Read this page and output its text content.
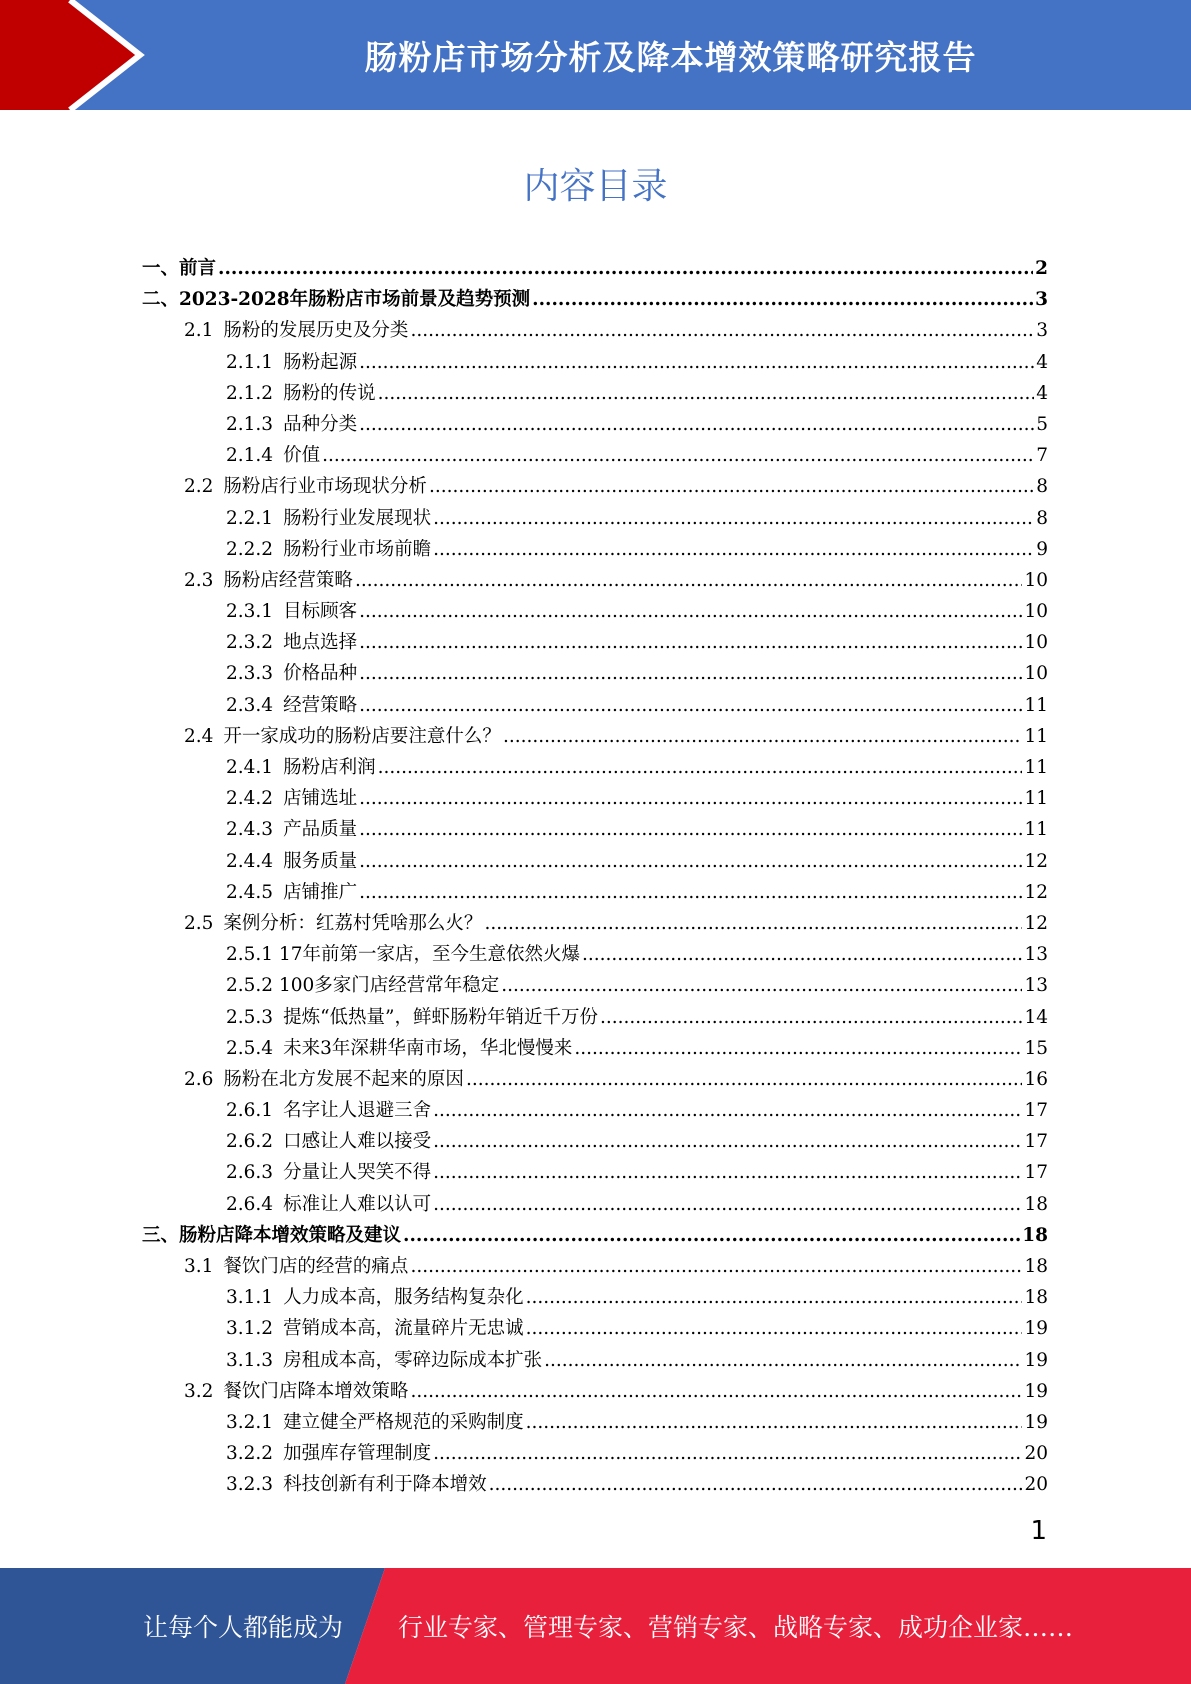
肠粉店市场分析及降本增效策略研究报告
内容目录
一、前言 .....	2
二、2023-2028年肠粉店市场前景及趋势预测 .....	3
2.1 肠粉的发展历史及分类 .....	3
2.1.1 肠粉起源 .....	4
2.1.2 肠粉的传说 .....	4
2.1.3 品种分类 .....	5
2.1.4 价值 .....	7
2.2 肠粉店行业市场现状分析 .....	8
2.2.1 肠粉行业发展现状 .....	8
2.2.2 肠粉行业市场前瞻 .....	9
2.3 肠粉店经营策略 .....	10
2.3.1 目标顾客 .....	10
2.3.2 地点选择 .....	10
2.3.3 价格品种 .....	10
2.3.4 经营策略 .....	11
2.4 开一家成功的肠粉店要注意什么？ .....	11
2.4.1 肠粉店利润 .....	11
2.4.2 店铺选址 .....	11
2.4.3 产品质量 .....	11
2.4.4 服务质量 .....	12
2.4.5 店铺推广 .....	12
2.5 案例分析：红荔村凭啥那么火？ .....	12
2.5.1 17年前第一家店，至今生意依然火爆 .....	13
2.5.2 100多家门店经营常年稳定 .....	13
2.5.3 提炼“低热量”，鲜虾肠粉年销近千万份 .....	14
2.5.4 未来3年深耕华南市场，华北慢慢来 .....	15
2.6 肠粉在北方发展不起来的原因 .....	16
2.6.1 名字让人退避三舍 .....	17
2.6.2 口感让人难以接受 .....	17
2.6.3 分量让人哭笑不得 .....	17
2.6.4 标准让人难以认可 .....	18
三、肠粉店降本增效策略及建议 .....	18
3.1 餐饮门店的经营的痛点 .....	18
3.1.1 人力成本高，服务结构复杂化 .....	18
3.1.2 营销成本高，流量碎片无忠诚 .....	19
3.1.3 房租成本高，零碎边际成本扩张 .....	19
3.2 餐饮门店降本增效策略 .....	19
3.2.1 建立健全严格规范的采购制度 .....	19
3.2.2 加强库存管理制度 .....	20
3.2.3 科技创新有利于降本增效 .....	20
1
让每个人都能成为 行业专家、管理专家、营销专家、战略专家、成功企业家……
